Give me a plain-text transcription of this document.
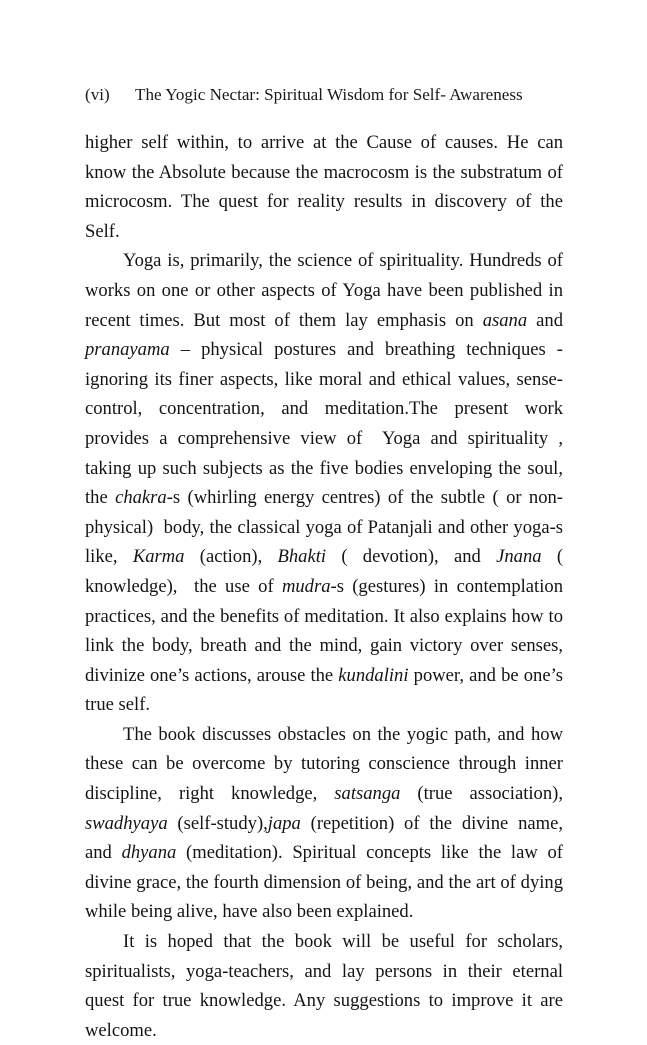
(vi)   The Yogic Nectar: Spiritual Wisdom for Self- Awareness

higher self within, to arrive at the Cause of causes. He can know the Absolute because the macrocosm is the substratum of  microcosm. The quest for reality results in discovery of the Self.

Yoga is, primarily, the science of spirituality. Hundreds of works on one or other aspects of Yoga have been published in recent times. But most of them lay emphasis on asana and pranayama – physical postures and breathing techniques - ignoring its finer aspects, like moral and ethical values, sense-control, concentration, and meditation.The present work provides a comprehensive view of  Yoga and spirituality , taking up such subjects as the five bodies enveloping the soul, the chakra-s (whirling energy centres) of the subtle ( or non-physical)  body, the classical yoga of Patanjali and other yoga-s like, Karma (action), Bhakti ( devotion), and Jnana ( knowledge),  the use of mudra-s (gestures) in contemplation practices, and the benefits of meditation. It also explains how to link the body, breath and the mind, gain victory over senses, divinize one’s actions, arouse the kundalini power, and be one’s true self.

The book discusses obstacles on the yogic path, and how these can be overcome by tutoring conscience through inner discipline, right knowledge, satsanga (true association), swadhyaya (self-study),japa (repetition) of the divine name, and dhyana (meditation). Spiritual concepts like the law of divine grace, the fourth dimension of being, and the art of dying while being alive, have also been explained.

It is hoped that the book will be useful for scholars, spiritualists, yoga-teachers, and lay persons in their eternal quest for true knowledge. Any suggestions to improve it are welcome.
